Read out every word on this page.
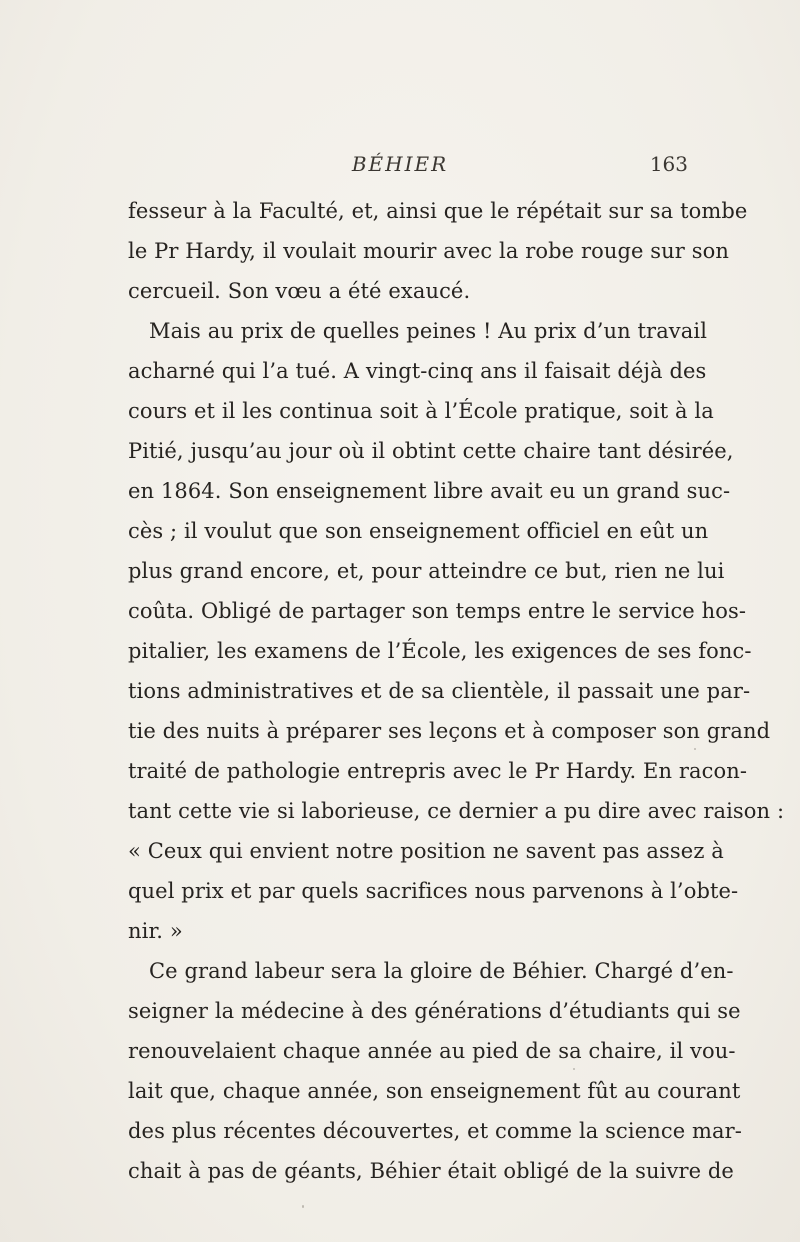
BÉHIER	163
fesseur à la Faculté, et, ainsi que le répétait sur sa tombe
le Pr Hardy, il voulait mourir avec la robe rouge sur son
cercueil. Son vœu a été exaucé.
Mais au prix de quelles peines ! Au prix d’un travail
acharné qui l’a tué. A vingt-cinq ans il faisait déjà des
cours et il les continua soit à l’École pratique, soit à la
Pitié, jusqu’au jour où il obtint cette chaire tant désirée,
en 1864. Son enseignement libre avait eu un grand suc-
cès ; il voulut que son enseignement officiel en eût un
plus grand encore, et, pour atteindre ce but, rien ne lui
coûta. Obligé de partager son temps entre le service hos-
pitalier, les examens de l’École, les exigences de ses fonc-
tions administratives et de sa clientèle, il passait une par-
tie des nuits à préparer ses leçons et à composer son grand
traité de pathologie entrepris avec le Pr Hardy. En racon-
tant cette vie si laborieuse, ce dernier a pu dire avec raison :
« Ceux qui envient notre position ne savent pas assez à
quel prix et par quels sacrifices nous parvenons à l’obte-
nir. »
Ce grand labeur sera la gloire de Béhier. Chargé d’en-
seigner la médecine à des générations d’étudiants qui se
renouvelaient chaque année au pied de sa chaire, il vou-
lait que, chaque année, son enseignement fût au courant
des plus récentes découvertes, et comme la science mar-
chait à pas de géants, Béhier était obligé de la suivre de
